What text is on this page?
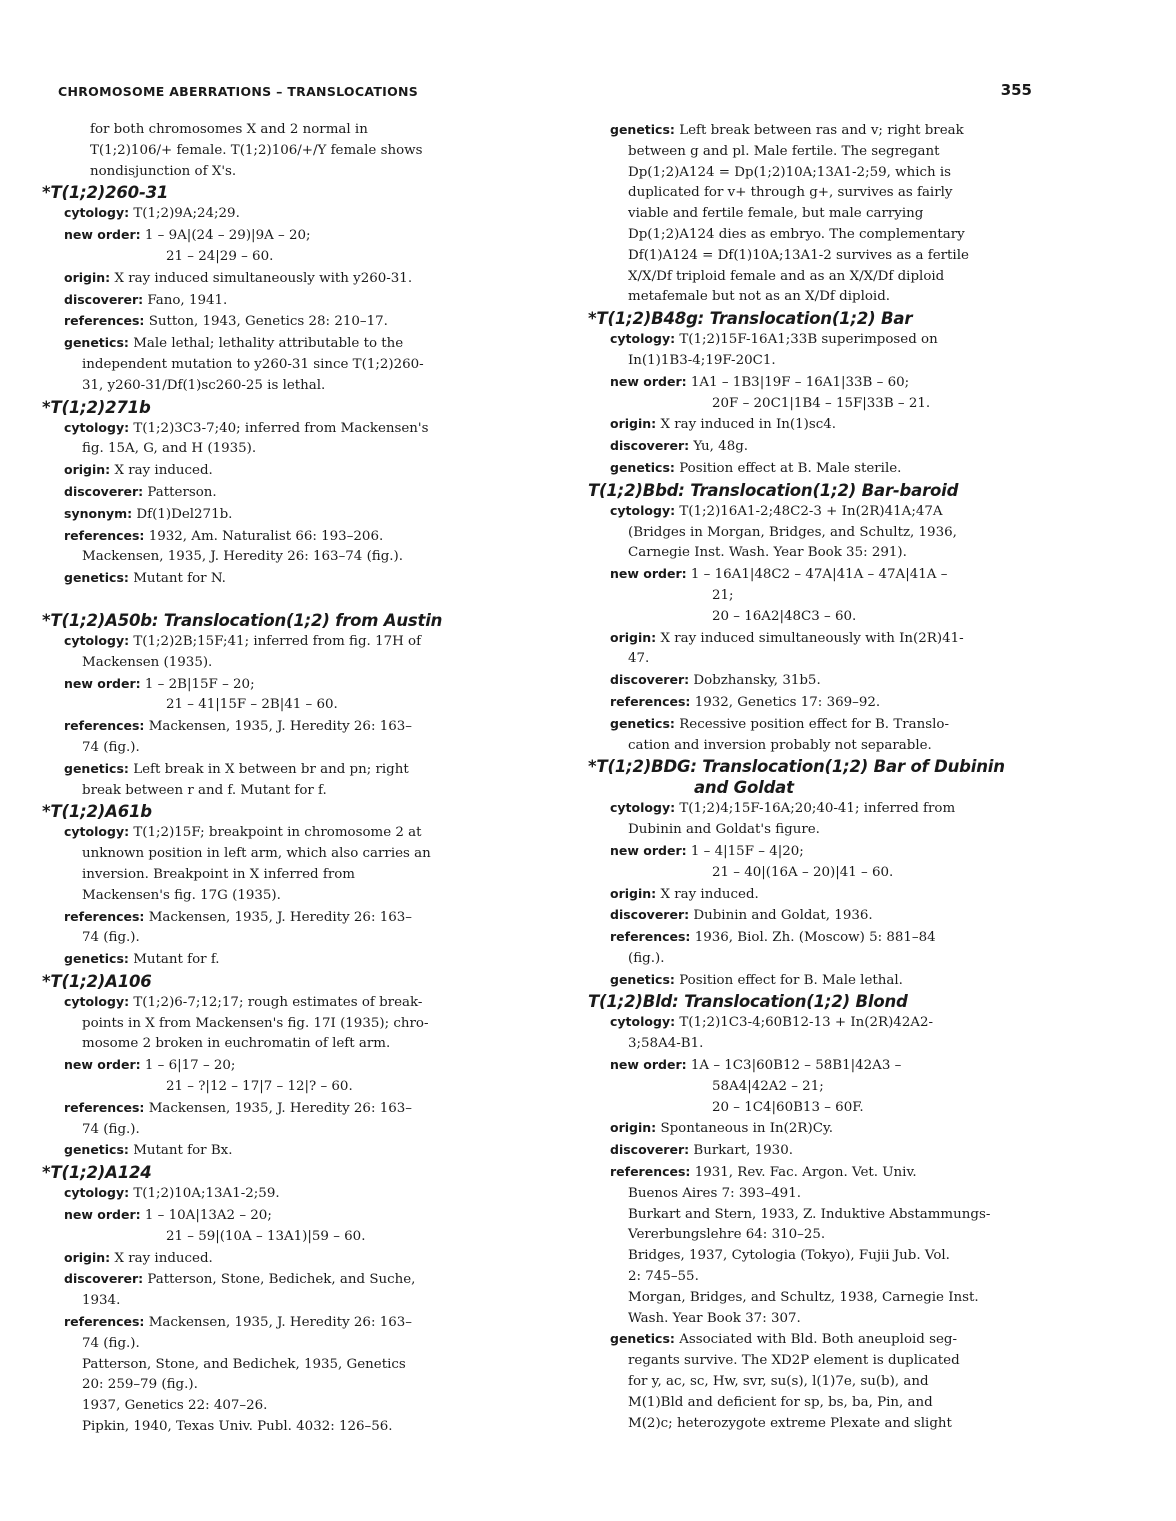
CHROMOSOME ABERRATIONS – TRANSLOCATIONS	355

for both chromosomes X and 2 normal in

T(1;2)106/+ female. T(1;2)106/+/Y female shows

nondisjunction of X's.

*T(1;2)260-31

cytology: T(1;2)9A;24;29.

new order: 1 – 9A|(24 – 29)|9A – 20;

21 – 24|29 – 60.

origin: X ray induced simultaneously with y260-31.

discoverer: Fano, 1941.

references: Sutton, 1943, Genetics 28: 210–17.

genetics: Male lethal; lethality attributable to the

independent mutation to y260-31 since T(1;2)260-

31, y260-31/Df(1)sc260-25 is lethal.

*T(1;2)271b

cytology: T(1;2)3C3-7;40; inferred from Mackensen's

fig. 15A, G, and H (1935).

origin: X ray induced.

discoverer: Patterson.

synonym: Df(1)Del271b.

references: 1932, Am. Naturalist 66: 193–206.

Mackensen, 1935, J. Heredity 26: 163–74 (fig.).

genetics: Mutant for N.

*T(1;2)A50b: Translocation(1;2) from Austin

cytology: T(1;2)2B;15F;41; inferred from fig. 17H of

Mackensen (1935).

new order: 1 – 2B|15F – 20;

21 – 41|15F – 2B|41 – 60.

references: Mackensen, 1935, J. Heredity 26: 163–

74 (fig.).

genetics: Left break in X between br and pn; right

break between r and f. Mutant for f.

*T(1;2)A61b

cytology: T(1;2)15F; breakpoint in chromosome 2 at

unknown position in left arm, which also carries an

inversion. Breakpoint in X inferred from

Mackensen's fig. 17G (1935).

references: Mackensen, 1935, J. Heredity 26: 163–

74 (fig.).

genetics: Mutant for f.

*T(1;2)A106

cytology: T(1;2)6-7;12;17; rough estimates of break-

points in X from Mackensen's fig. 17I (1935); chro-

mosome 2 broken in euchromatin of left arm.

new order: 1 – 6|17 – 20;

21 – ?|12 – 17|7 – 12|? – 60.

references: Mackensen, 1935, J. Heredity 26: 163–

74 (fig.).

genetics: Mutant for Bx.

*T(1;2)A124

cytology: T(1;2)10A;13A1-2;59.

new order: 1 – 10A|13A2 – 20;

21 – 59|(10A – 13A1)|59 – 60.

origin: X ray induced.

discoverer: Patterson, Stone, Bedichek, and Suche,

1934.

references: Mackensen, 1935, J. Heredity 26: 163–

74 (fig.).

Patterson, Stone, and Bedichek, 1935, Genetics

20: 259–79 (fig.).

1937, Genetics 22: 407–26.

Pipkin, 1940, Texas Univ. Publ. 4032: 126–56.

genetics: Left break between ras and v; right break

between g and pl. Male fertile. The segregant

Dp(1;2)A124 = Dp(1;2)10A;13A1-2;59, which is

duplicated for v+ through g+, survives as fairly

viable and fertile female, but male carrying

Dp(1;2)A124 dies as embryo. The complementary

Df(1)A124 = Df(1)10A;13A1-2 survives as a fertile

X/X/Df triploid female and as an X/X/Df diploid

metafemale but not as an X/Df diploid.

*T(1;2)B48g: Translocation(1;2) Bar

cytology: T(1;2)15F-16A1;33B superimposed on

In(1)1B3-4;19F-20C1.

new order: 1A1 – 1B3|19F – 16A1|33B – 60;

20F – 20C1|1B4 – 15F|33B – 21.

origin: X ray induced in In(1)sc4.

discoverer: Yu, 48g.

genetics: Position effect at B. Male sterile.

T(1;2)Bbd: Translocation(1;2) Bar-baroid

cytology: T(1;2)16A1-2;48C2-3 + In(2R)41A;47A

(Bridges in Morgan, Bridges, and Schultz, 1936,

Carnegie Inst. Wash. Year Book 35: 291).

new order: 1 – 16A1|48C2 – 47A|41A – 47A|41A –

21;

20 – 16A2|48C3 – 60.

origin: X ray induced simultaneously with In(2R)41-

47.

discoverer: Dobzhansky, 31b5.

references: 1932, Genetics 17: 369–92.

genetics: Recessive position effect for B. Translo-

cation and inversion probably not separable.

*T(1;2)BDG: Translocation(1;2) Bar of Dubinin

and Goldat

cytology: T(1;2)4;15F-16A;20;40-41; inferred from

Dubinin and Goldat's figure.

new order: 1 – 4|15F – 4|20;

21 – 40|(16A – 20)|41 – 60.

origin: X ray induced.

discoverer: Dubinin and Goldat, 1936.

references: 1936, Biol. Zh. (Moscow) 5: 881–84

(fig.).

genetics: Position effect for B. Male lethal.

T(1;2)Bld: Translocation(1;2) Blond

cytology: T(1;2)1C3-4;60B12-13 + In(2R)42A2-

3;58A4-B1.

new order: 1A – 1C3|60B12 – 58B1|42A3 –

58A4|42A2 – 21;

20 – 1C4|60B13 – 60F.

origin: Spontaneous in In(2R)Cy.

discoverer: Burkart, 1930.

references: 1931, Rev. Fac. Argon. Vet. Univ.

Buenos Aires 7: 393–491.

Burkart and Stern, 1933, Z. Induktive Abstammungs-

Vererbungslehre 64: 310–25.

Bridges, 1937, Cytologia (Tokyo), Fujii Jub. Vol.

2: 745–55.

Morgan, Bridges, and Schultz, 1938, Carnegie Inst.

Wash. Year Book 37: 307.

genetics: Associated with Bld. Both aneuploid seg-

regants survive. The XD2P element is duplicated

for y, ac, sc, Hw, svr, su(s), l(1)7e, su(b), and

M(1)Bld and deficient for sp, bs, ba, Pin, and

M(2)c; heterozygote extreme Plexate and slight
